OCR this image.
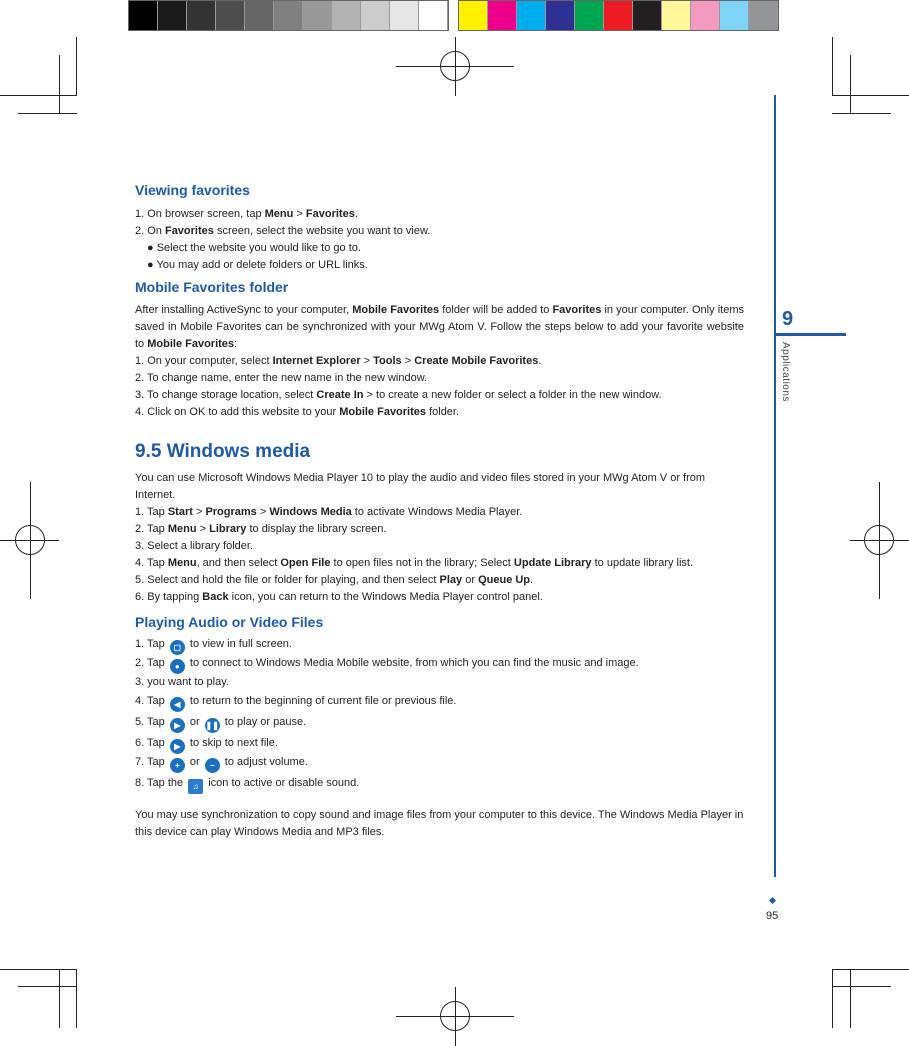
9
Applications
95

Viewing favorites

1. On browser screen, tap Menu > Favorites.

2. On Favorites screen, select the website you want to view.

● Select the website you would like to go to.

● You may add or delete folders or URL links.

Mobile Favorites folder

After installing ActiveSync to your computer, Mobile Favorites folder will be added to Favorites in your computer. Only items saved in Mobile Favorites can be synchronized with your MWg Atom V. Follow the steps below to add your favorite website to Mobile Favorites:

1. On your computer, select Internet Explorer > Tools > Create Mobile Favorites.

2. To change name, enter the new name in the new window.

3. To change storage location, select Create In > to create a new folder or select a folder in the new window.

4. Click on OK to add this website to your Mobile Favorites folder.

9.5 Windows media

You can use Microsoft Windows Media Player 10 to play the audio and video files stored in your MWg Atom V or from Internet.

1. Tap Start > Programs > Windows Media to activate Windows Media Player.

2. Tap Menu > Library to display the library screen.

3. Select a library folder.

4. Tap Menu, and then select Open File to open files not in the library; Select Update Library to update library list.

5. Select and hold the file or folder for playing, and then select Play or Queue Up.

6. By tapping Back icon, you can return to the Windows Media Player control panel.

Playing Audio or Video Files

1. Tap ▢ to view in full screen.

2. Tap ● to connect to Windows Media Mobile website, from which you can find the music and image.

3. you want to play.

4. Tap ◀ to return to the beginning of current file or previous file.

5. Tap ▶ or ❚❚ to play or pause.

6. Tap ▶ to skip to next file.

7. Tap + or − to adjust volume.

8. Tap the ♫ icon to active or disable sound.

You may use synchronization to copy sound and image files from your computer to this device. The Windows Media Player in this device can play Windows Media and MP3 files.
